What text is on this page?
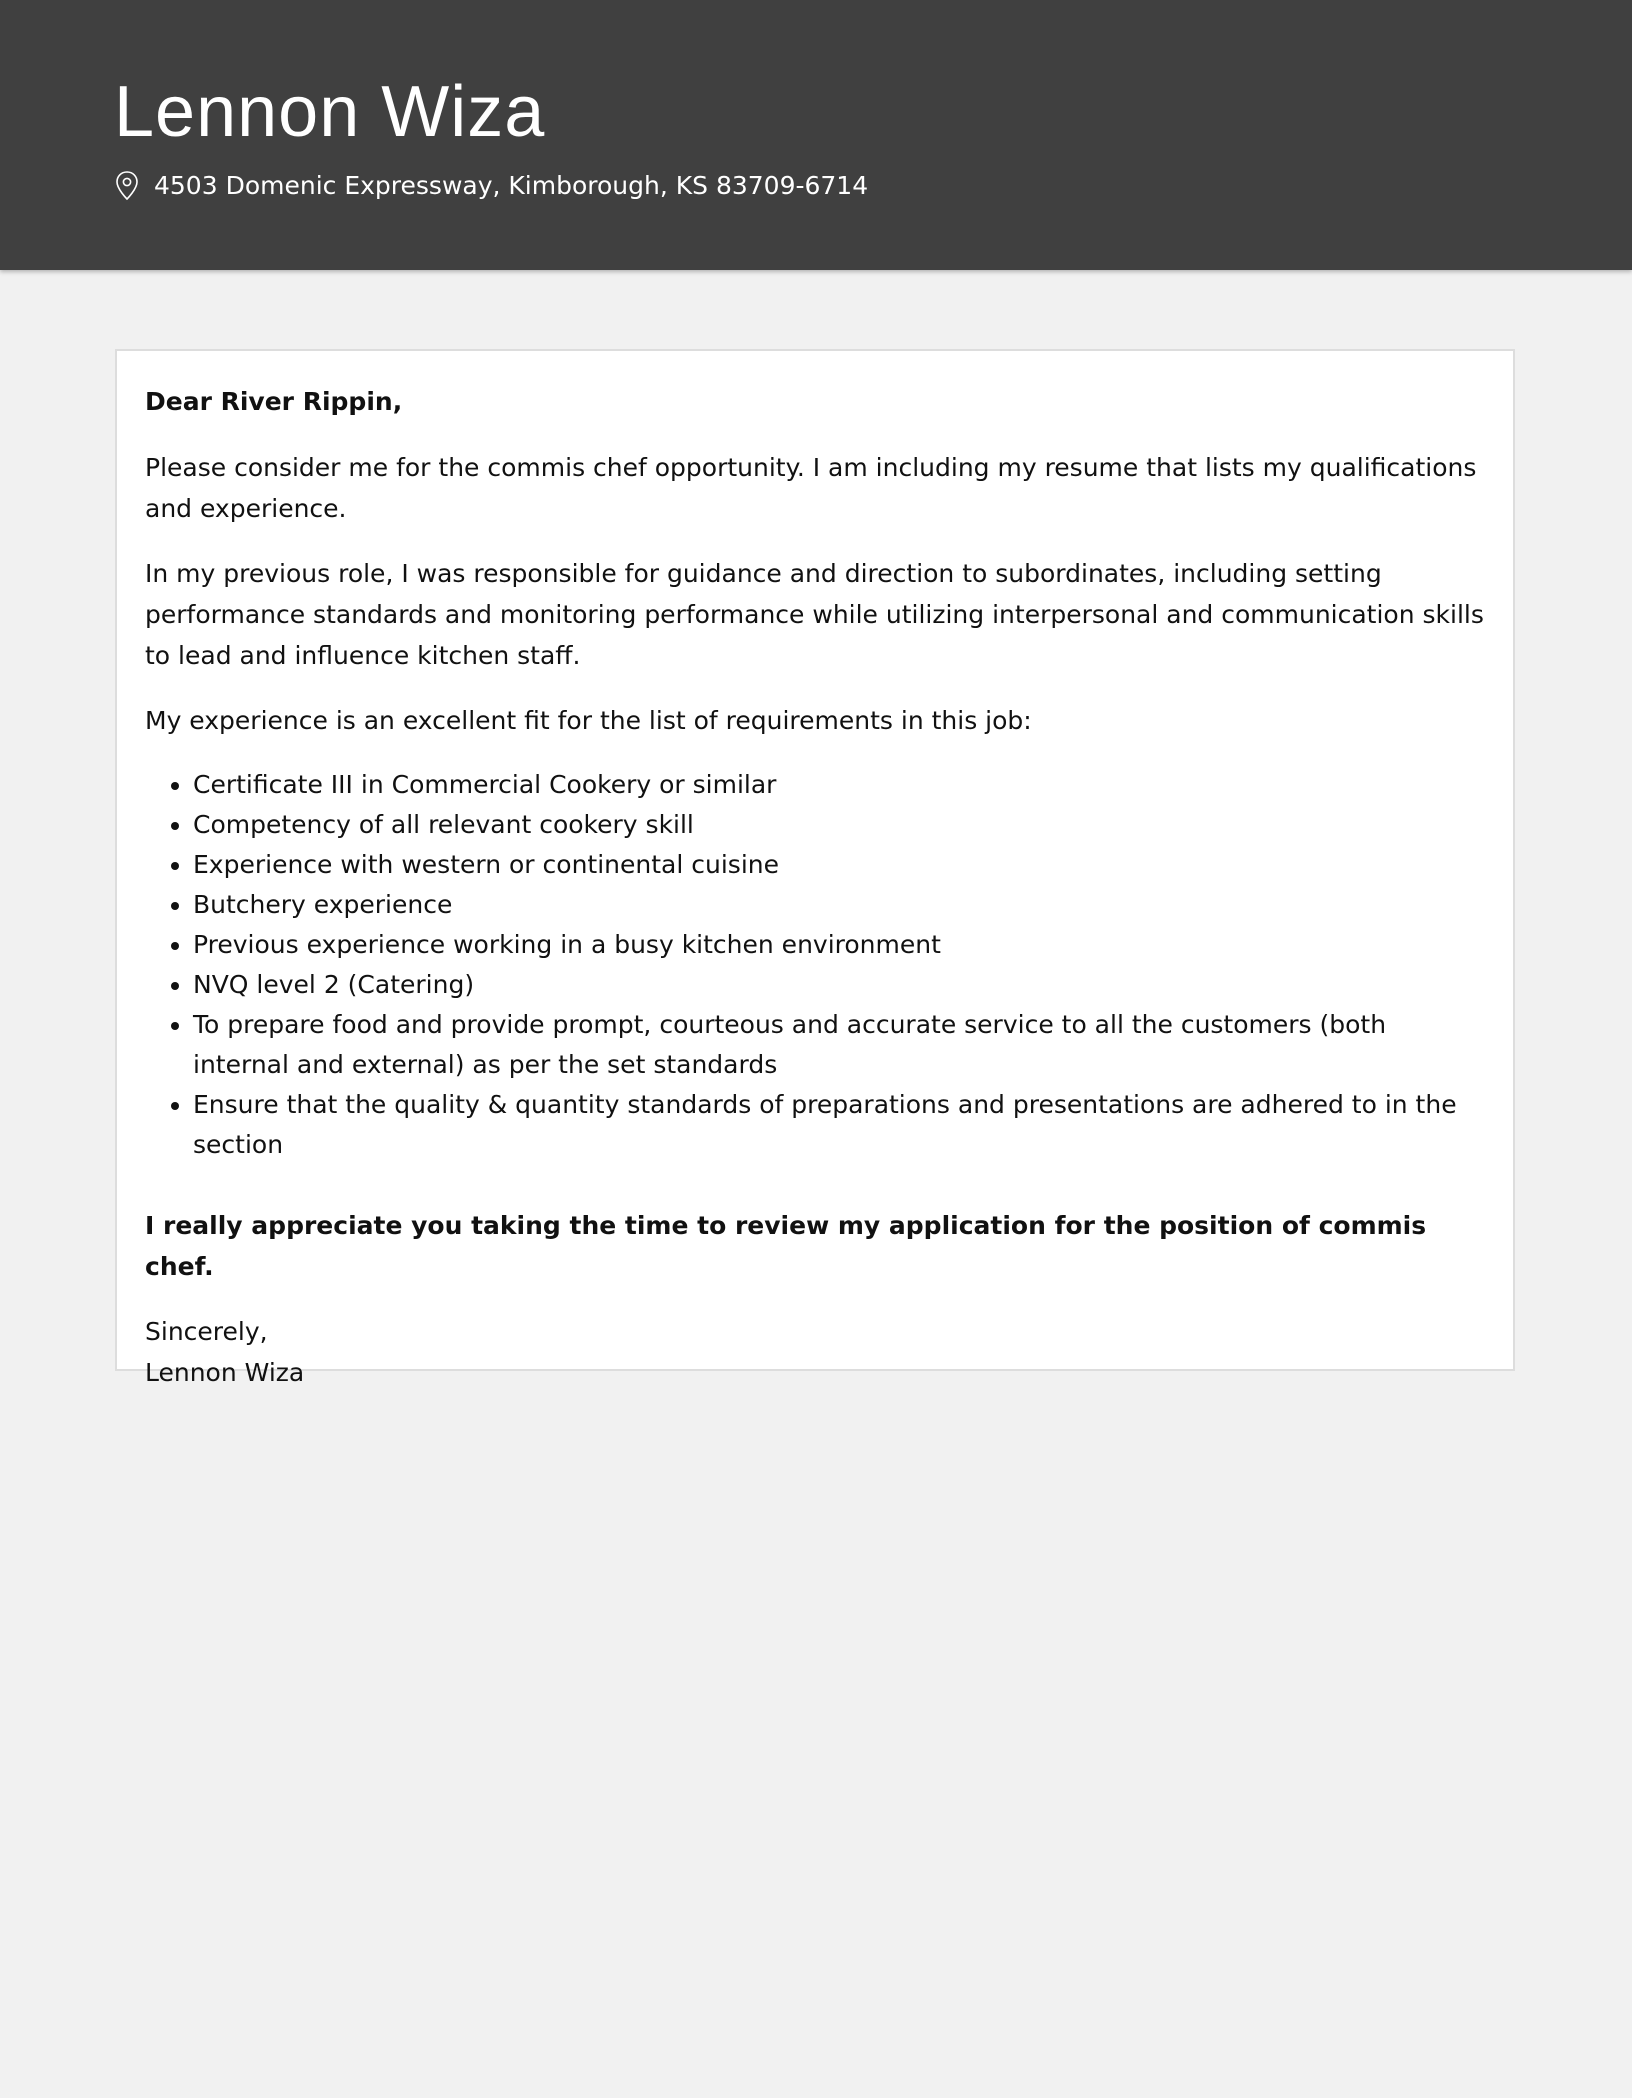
Lennon Wiza
4503 Domenic Expressway, Kimborough, KS 83709-6714

Dear River Rippin,

Please consider me for the commis chef opportunity. I am including my resume that lists my qualifications and experience.

In my previous role, I was responsible for guidance and direction to subordinates, including setting performance standards and monitoring performance while utilizing interpersonal and communication skills to lead and influence kitchen staff.

My experience is an excellent fit for the list of requirements in this job:

• Certificate III in Commercial Cookery or similar
• Competency of all relevant cookery skill
• Experience with western or continental cuisine
• Butchery experience
• Previous experience working in a busy kitchen environment
• NVQ level 2 (Catering)
• To prepare food and provide prompt, courteous and accurate service to all the customers (both internal and external) as per the set standards
• Ensure that the quality & quantity standards of preparations and presentations are adhered to in the section

I really appreciate you taking the time to review my application for the position of commis chef.

Sincerely,

Lennon Wiza
